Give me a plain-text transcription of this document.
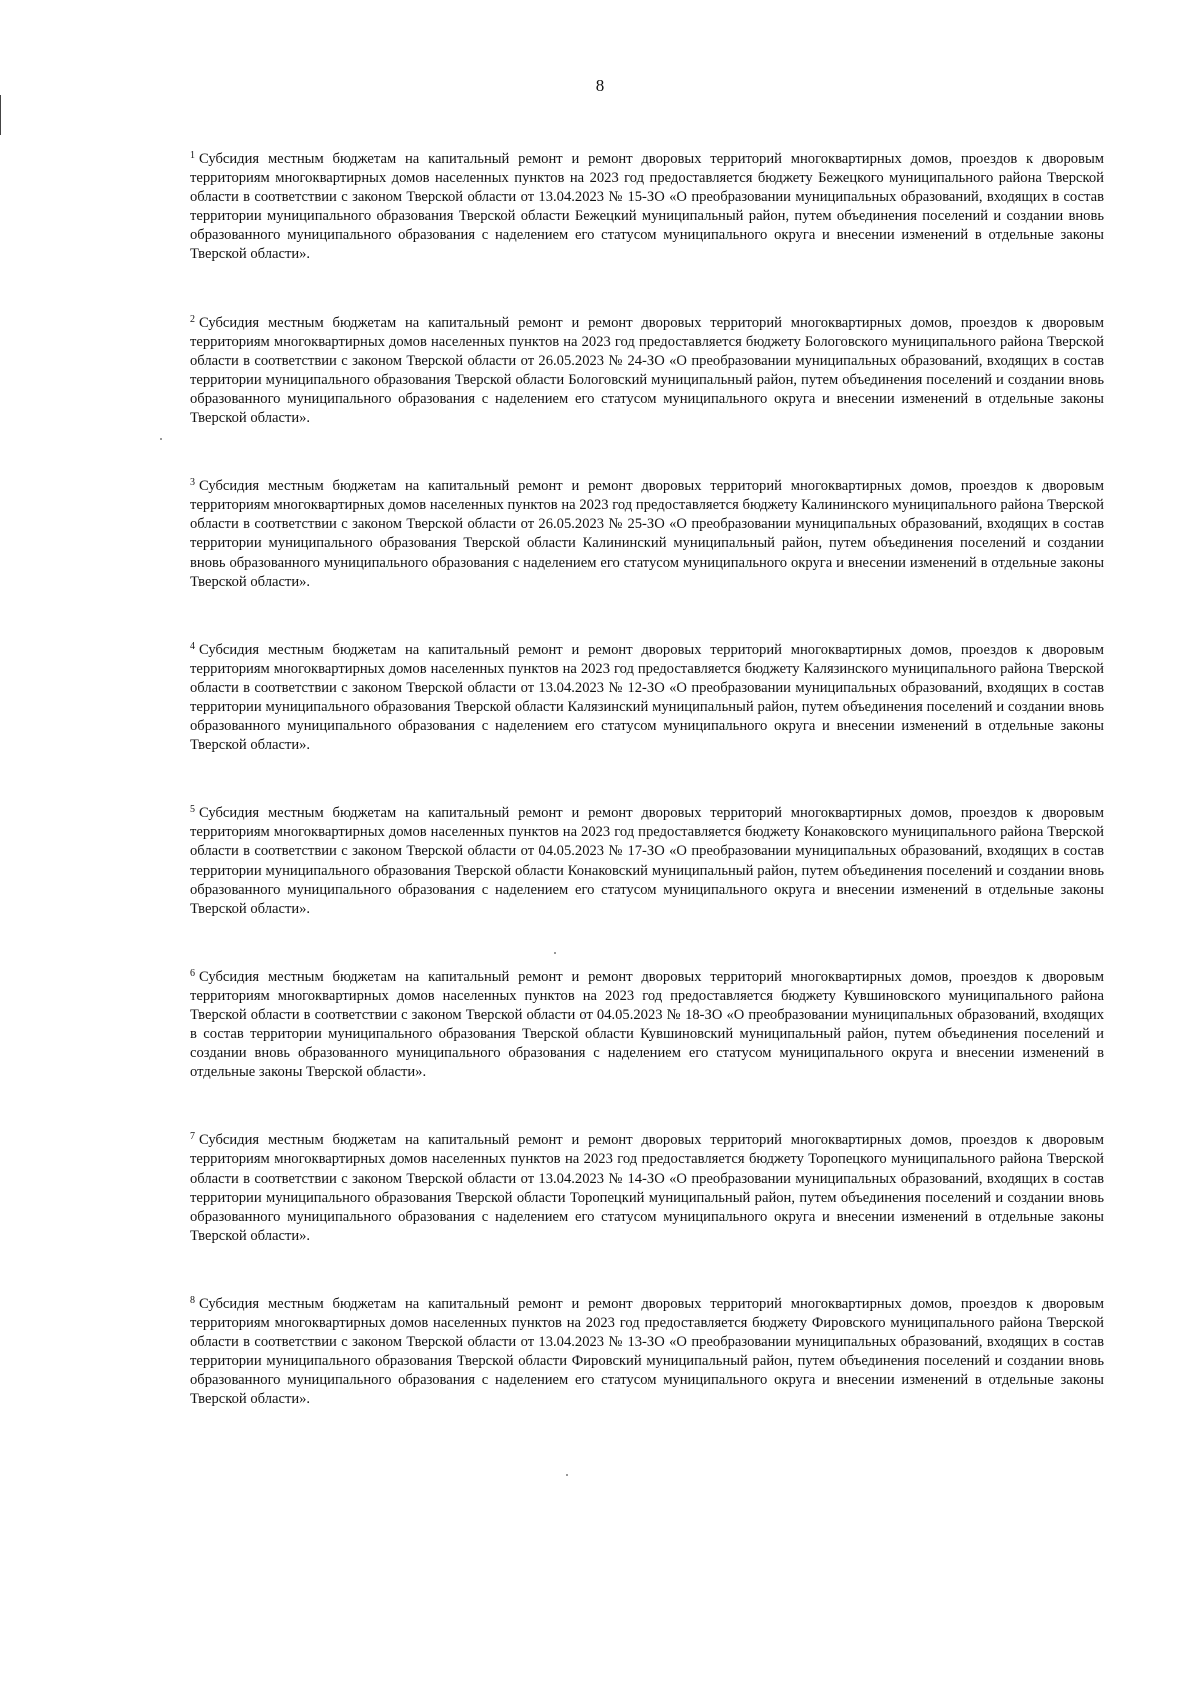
8

$^1$ Субсидия местным бюджетам на капитальный ремонт и ремонт дворовых территорий многоквартирных домов, проездов к дворовым территориям многоквартирных домов населенных пунктов на 2023 год предоставляется бюджету Бежецкого муниципального района Тверской области в соответствии с законом Тверской области от 13.04.2023 № 15-ЗО «О преобразовании муниципальных образований, входящих в состав территории муниципального образования Тверской области Бежецкий муниципальный район, путем объединения поселений и создании вновь образованного муниципального образования с наделением его статусом муниципального округа и внесении изменений в отдельные законы Тверской области».

$^2$ Субсидия местным бюджетам на капитальный ремонт и ремонт дворовых территорий многоквартирных домов, проездов к дворовым территориям многоквартирных домов населенных пунктов на 2023 год предоставляется бюджету Бологовского муниципального района Тверской области в соответствии с законом Тверской области от 26.05.2023 № 24-ЗО «О преобразовании муниципальных образований, входящих в состав территории муниципального образования Тверской области Бологовский муниципальный район, путем объединения поселений и создании вновь образованного муниципального образования с наделением его статусом муниципального округа и внесении изменений в отдельные законы Тверской области».

$^3$ Субсидия местным бюджетам на капитальный ремонт и ремонт дворовых территорий многоквартирных домов, проездов к дворовым территориям многоквартирных домов населенных пунктов на 2023 год предоставляется бюджету Калининского муниципального района Тверской области в соответствии с законом Тверской области от 26.05.2023 № 25-ЗО «О преобразовании муниципальных образований, входящих в состав территории муниципального образования Тверской области Калининский муниципальный район, путем объединения поселений и создании вновь образованного муниципального образования с наделением его статусом муниципального округа и внесении изменений в отдельные законы Тверской области».

$^4$ Субсидия местным бюджетам на капитальный ремонт и ремонт дворовых территорий многоквартирных домов, проездов к дворовым территориям многоквартирных домов населенных пунктов на 2023 год предоставляется бюджету Калязинского муниципального района Тверской области в соответствии с законом Тверской области от 13.04.2023 № 12-ЗО «О преобразовании муниципальных образований, входящих в состав территории муниципального образования Тверской области Калязинский муниципальный район, путем объединения поселений и создании вновь образованного муниципального образования с наделением его статусом муниципального округа и внесении изменений в отдельные законы Тверской области».

$^5$ Субсидия местным бюджетам на капитальный ремонт и ремонт дворовых территорий многоквартирных домов, проездов к дворовым территориям многоквартирных домов населенных пунктов на 2023 год предоставляется бюджету Конаковского муниципального района Тверской области в соответствии с законом Тверской области от 04.05.2023 № 17-ЗО «О преобразовании муниципальных образований, входящих в состав территории муниципального образования Тверской области Конаковский муниципальный район, путем объединения поселений и создании вновь образованного муниципального образования с наделением его статусом муниципального округа и внесении изменений в отдельные законы Тверской области».

$^6$ Субсидия местным бюджетам на капитальный ремонт и ремонт дворовых территорий многоквартирных домов, проездов к дворовым территориям многоквартирных домов населенных пунктов на 2023 год предоставляется бюджету Кувшиновского муниципального района Тверской области в соответствии с законом Тверской области от 04.05.2023 № 18-ЗО «О преобразовании муниципальных образований, входящих в состав территории муниципального образования Тверской области Кувшиновский муниципальный район, путем объединения поселений и создании вновь образованного муниципального образования с наделением его статусом муниципального округа и внесении изменений в отдельные законы Тверской области».

$^7$ Субсидия местным бюджетам на капитальный ремонт и ремонт дворовых территорий многоквартирных домов, проездов к дворовым территориям многоквартирных домов населенных пунктов на 2023 год предоставляется бюджету Торопецкого муниципального района Тверской области в соответствии с законом Тверской области от 13.04.2023 № 14-ЗО «О преобразовании муниципальных образований, входящих в состав территории муниципального образования Тверской области Торопецкий муниципальный район, путем объединения поселений и создании вновь образованного муниципального образования с наделением его статусом муниципального округа и внесении изменений в отдельные законы Тверской области».

$^8$ Субсидия местным бюджетам на капитальный ремонт и ремонт дворовых территорий многоквартирных домов, проездов к дворовым территориям многоквартирных домов населенных пунктов на 2023 год предоставляется бюджету Фировского муниципального района Тверской области в соответствии с законом Тверской области от 13.04.2023 № 13-ЗО «О преобразовании муниципальных образований, входящих в состав территории муниципального образования Тверской области Фировский муниципальный район, путем объединения поселений и создании вновь образованного муниципального образования с наделением его статусом муниципального округа и внесении изменений в отдельные законы Тверской области».
